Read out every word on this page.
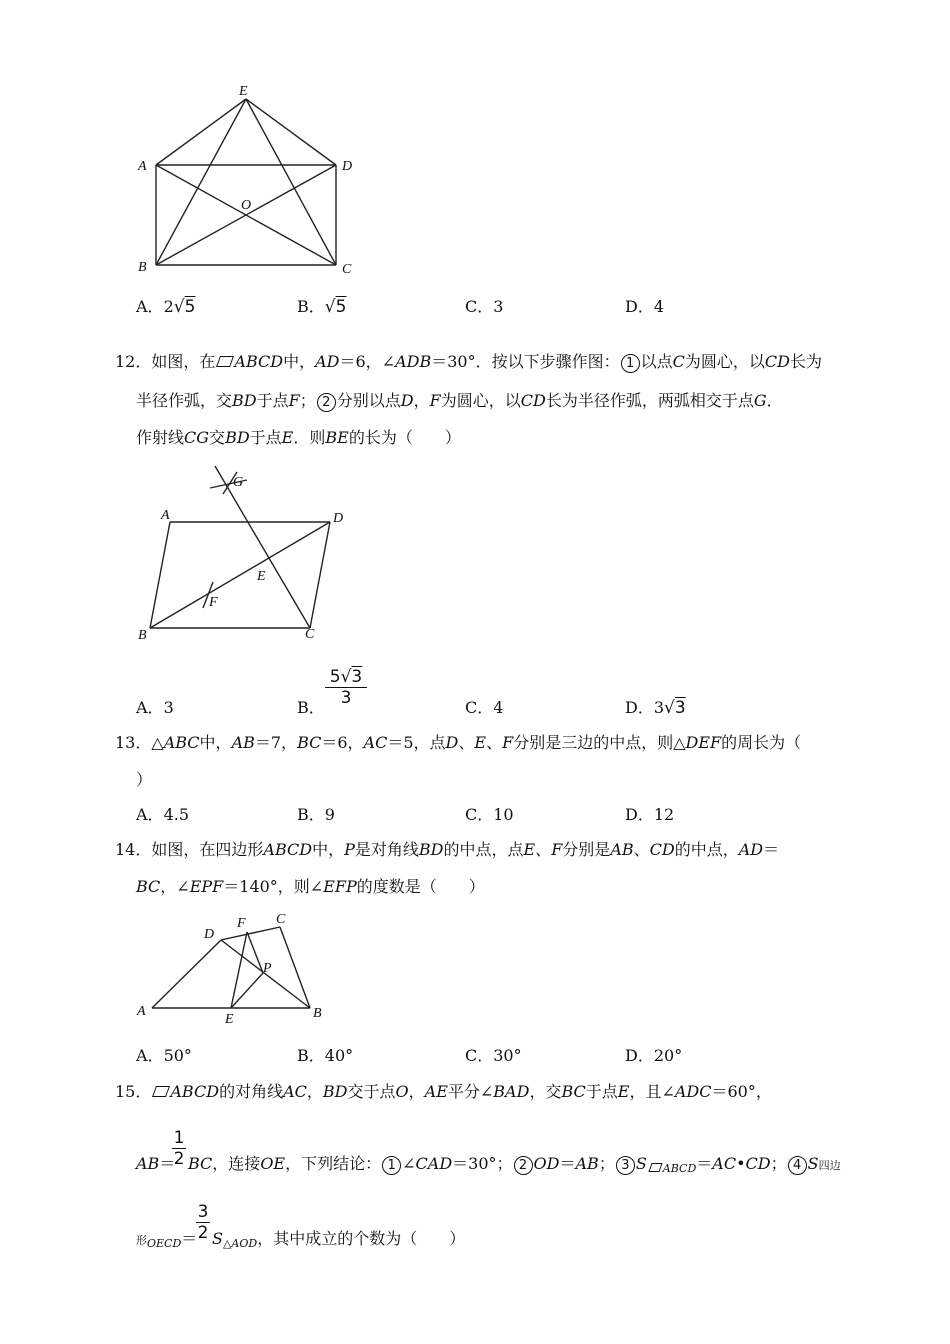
E
A	D
O
B	C
A．2√5	B．√5	C．3	D．4
12．如图，在 ABCD中，AD＝6，∠ADB＝30°．按以下步骤作图： 1 以点C为圆心，以CD长为
半径作弧，交BD于点F； 2 分别以点D，F为圆心，以CD长为半径作弧，两弧相交于点G．
作射线CG交BD于点E．则BE的长为（　　）
G
A	D
E
F
B	C
A．3	B．
5√3
3	C．4	D．3√3
13．△ABC中，AB＝7，BC＝6，AC＝5，点D、E、F分别是三边的中点，则△DEF的周长为（
）
A．4.5	B．9	C．10	D．12
14．如图，在四边形ABCD中，P是对角线BD的中点，点E、F分别是AB、CD的中点，AD＝
BC，∠EPF＝140°，则∠EFP的度数是（　　）
F C
D
P
A
E	B
A．50°	B．40°	C．30°	D．20°
15． ABCD的对角线AC，BD交于点O，AE平分∠BAD，交BC于点E，且∠ADC＝60°，
AB＝
1
2 BC，连接OE，下列结论： 1 ∠CAD＝30°； 2 OD＝AB； 3 S $_{ABCD}$＝AC•CD； 4 S四边
形$_{OECD}$＝
3
2 $S_{\triangle AOD}$，其中成立的个数为（　　）
